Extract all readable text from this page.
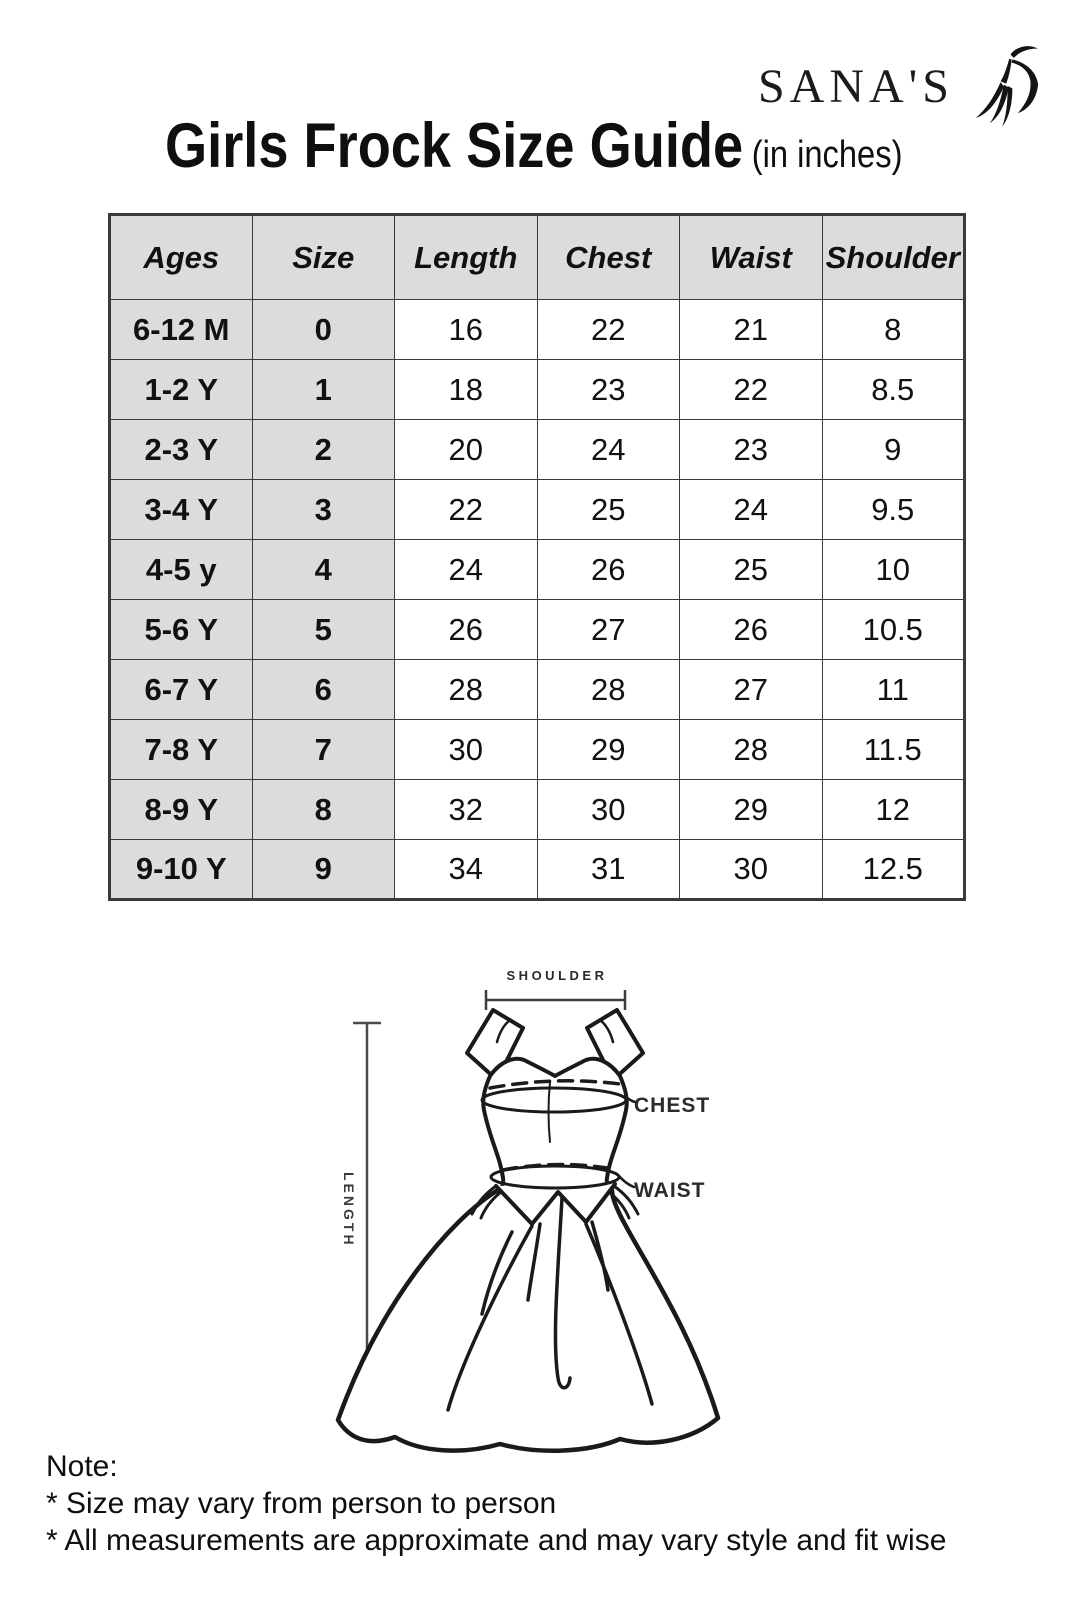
SANA'S
Girls Frock Size Guide (in inches)
Ages	Size	Length	Chest	Waist	Shoulder
6-12 M	0	16	22	21	8
1-2 Y	1	18	23	22	8.5
2-3 Y	2	20	24	23	9
3-4 Y	3	22	25	24	9.5
4-5 y	4	24	26	25	10
5-6 Y	5	26	27	26	10.5
6-7 Y	6	28	28	27	11
7-8 Y	7	30	29	28	11.5
8-9 Y	8	32	30	29	12
9-10 Y	9	34	31	30	12.5
SHOULDER
LENGTH
CHEST
WAIST
Note:
* Size may vary from person to person
* All measurements are approximate and may vary style and fit wise
